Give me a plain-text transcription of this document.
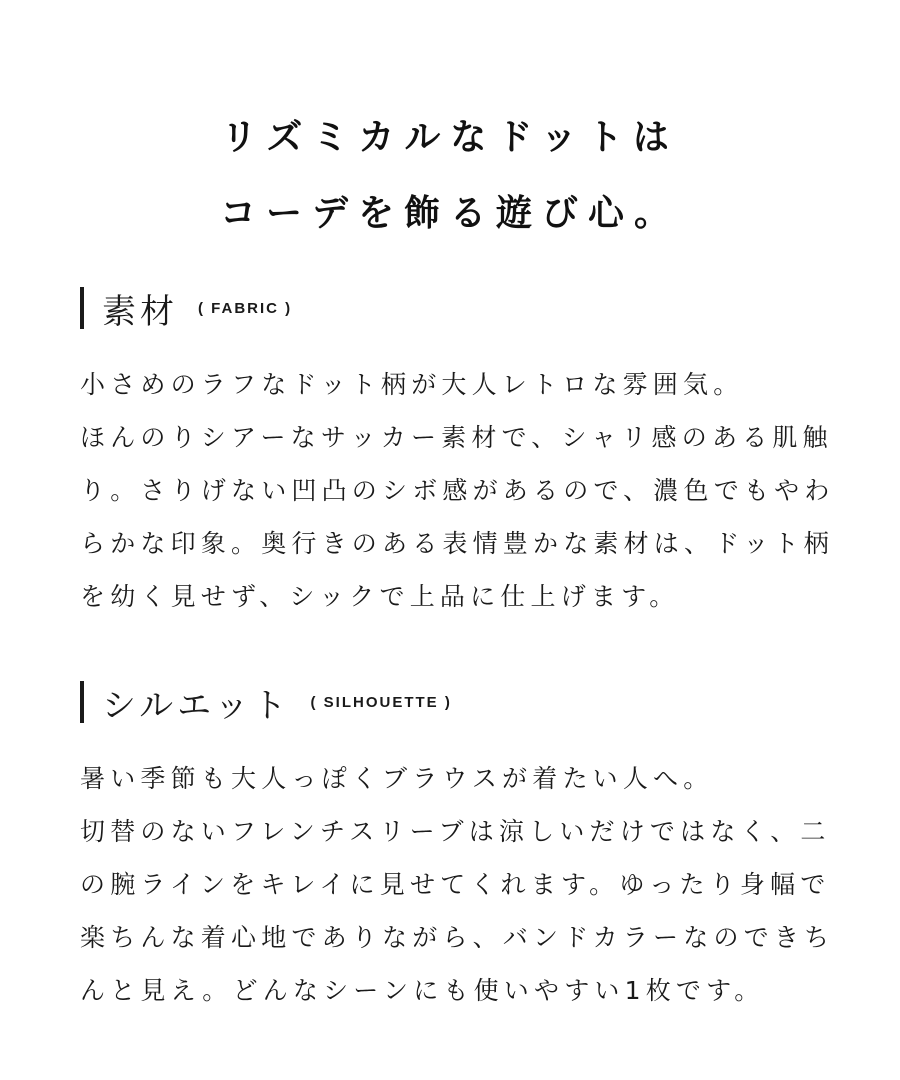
リズミカルなドットは
コーデを飾る遊び心。
素材 ( FABRIC )
小さめのラフなドット柄が大人レトロな雰囲気。
ほんのりシアーなサッカー素材で、シャリ感のある肌触
り。さりげない凹凸のシボ感があるので、濃色でもやわ
らかな印象。奥行きのある表情豊かな素材は、ドット柄
を幼く見せず、シックで上品に仕上げます。
シルエット ( SILHOUETTE )
暑い季節も大人っぽくブラウスが着たい人へ。
切替のないフレンチスリーブは涼しいだけではなく、二
の腕ラインをキレイに見せてくれます。ゆったり身幅で
楽ちんな着心地でありながら、バンドカラーなのできち
んと見え。どんなシーンにも使いやすい1枚です。
